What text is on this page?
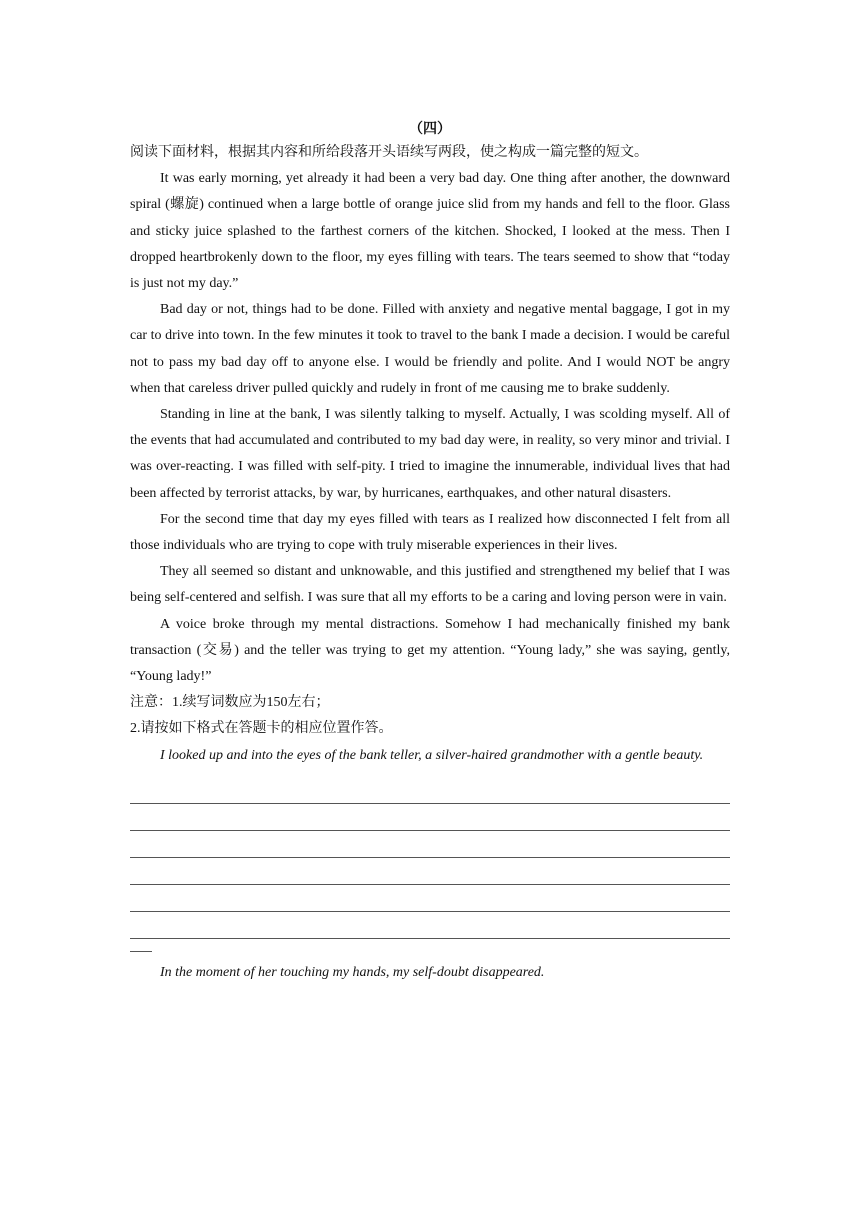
（四）
阅读下面材料，根据其内容和所给段落开头语续写两段，使之构成一篇完整的短文。
It was early morning, yet already it had been a very bad day. One thing after another, the downward spiral (螺旋) continued when a large bottle of orange juice slid from my hands and fell to the floor. Glass and sticky juice splashed to the farthest corners of the kitchen. Shocked, I looked at the mess. Then I dropped heartbrokenly down to the floor, my eyes filling with tears. The tears seemed to show that “today is just not my day.”
Bad day or not, things had to be done. Filled with anxiety and negative mental baggage, I got in my car to drive into town. In the few minutes it took to travel to the bank I made a decision. I would be careful not to pass my bad day off to anyone else. I would be friendly and polite. And I would NOT be angry when that careless driver pulled quickly and rudely in front of me causing me to brake suddenly.
Standing in line at the bank, I was silently talking to myself. Actually, I was scolding myself. All of the events that had accumulated and contributed to my bad day were, in reality, so very minor and trivial. I was over-reacting. I was filled with self-pity. I tried to imagine the innumerable, individual lives that had been affected by terrorist attacks, by war, by hurricanes, earthquakes, and other natural disasters.
For the second time that day my eyes filled with tears as I realized how disconnected I felt from all those individuals who are trying to cope with truly miserable experiences in their lives.
They all seemed so distant and unknowable, and this justified and strengthened my belief that I was being self-centered and selfish. I was sure that all my efforts to be a caring and loving person were in vain.
A voice broke through my mental distractions. Somehow I had mechanically finished my bank transaction (交易) and the teller was trying to get my attention. “Young lady,” she was saying, gently, “Young lady!”
注意：1.续写词数应为150左右；
2.请按如下格式在答题卡的相应位置作答。
I looked up and into the eyes of the bank teller, a silver-haired grandmother with a gentle beauty.
In the moment of her touching my hands, my self-doubt disappeared.
